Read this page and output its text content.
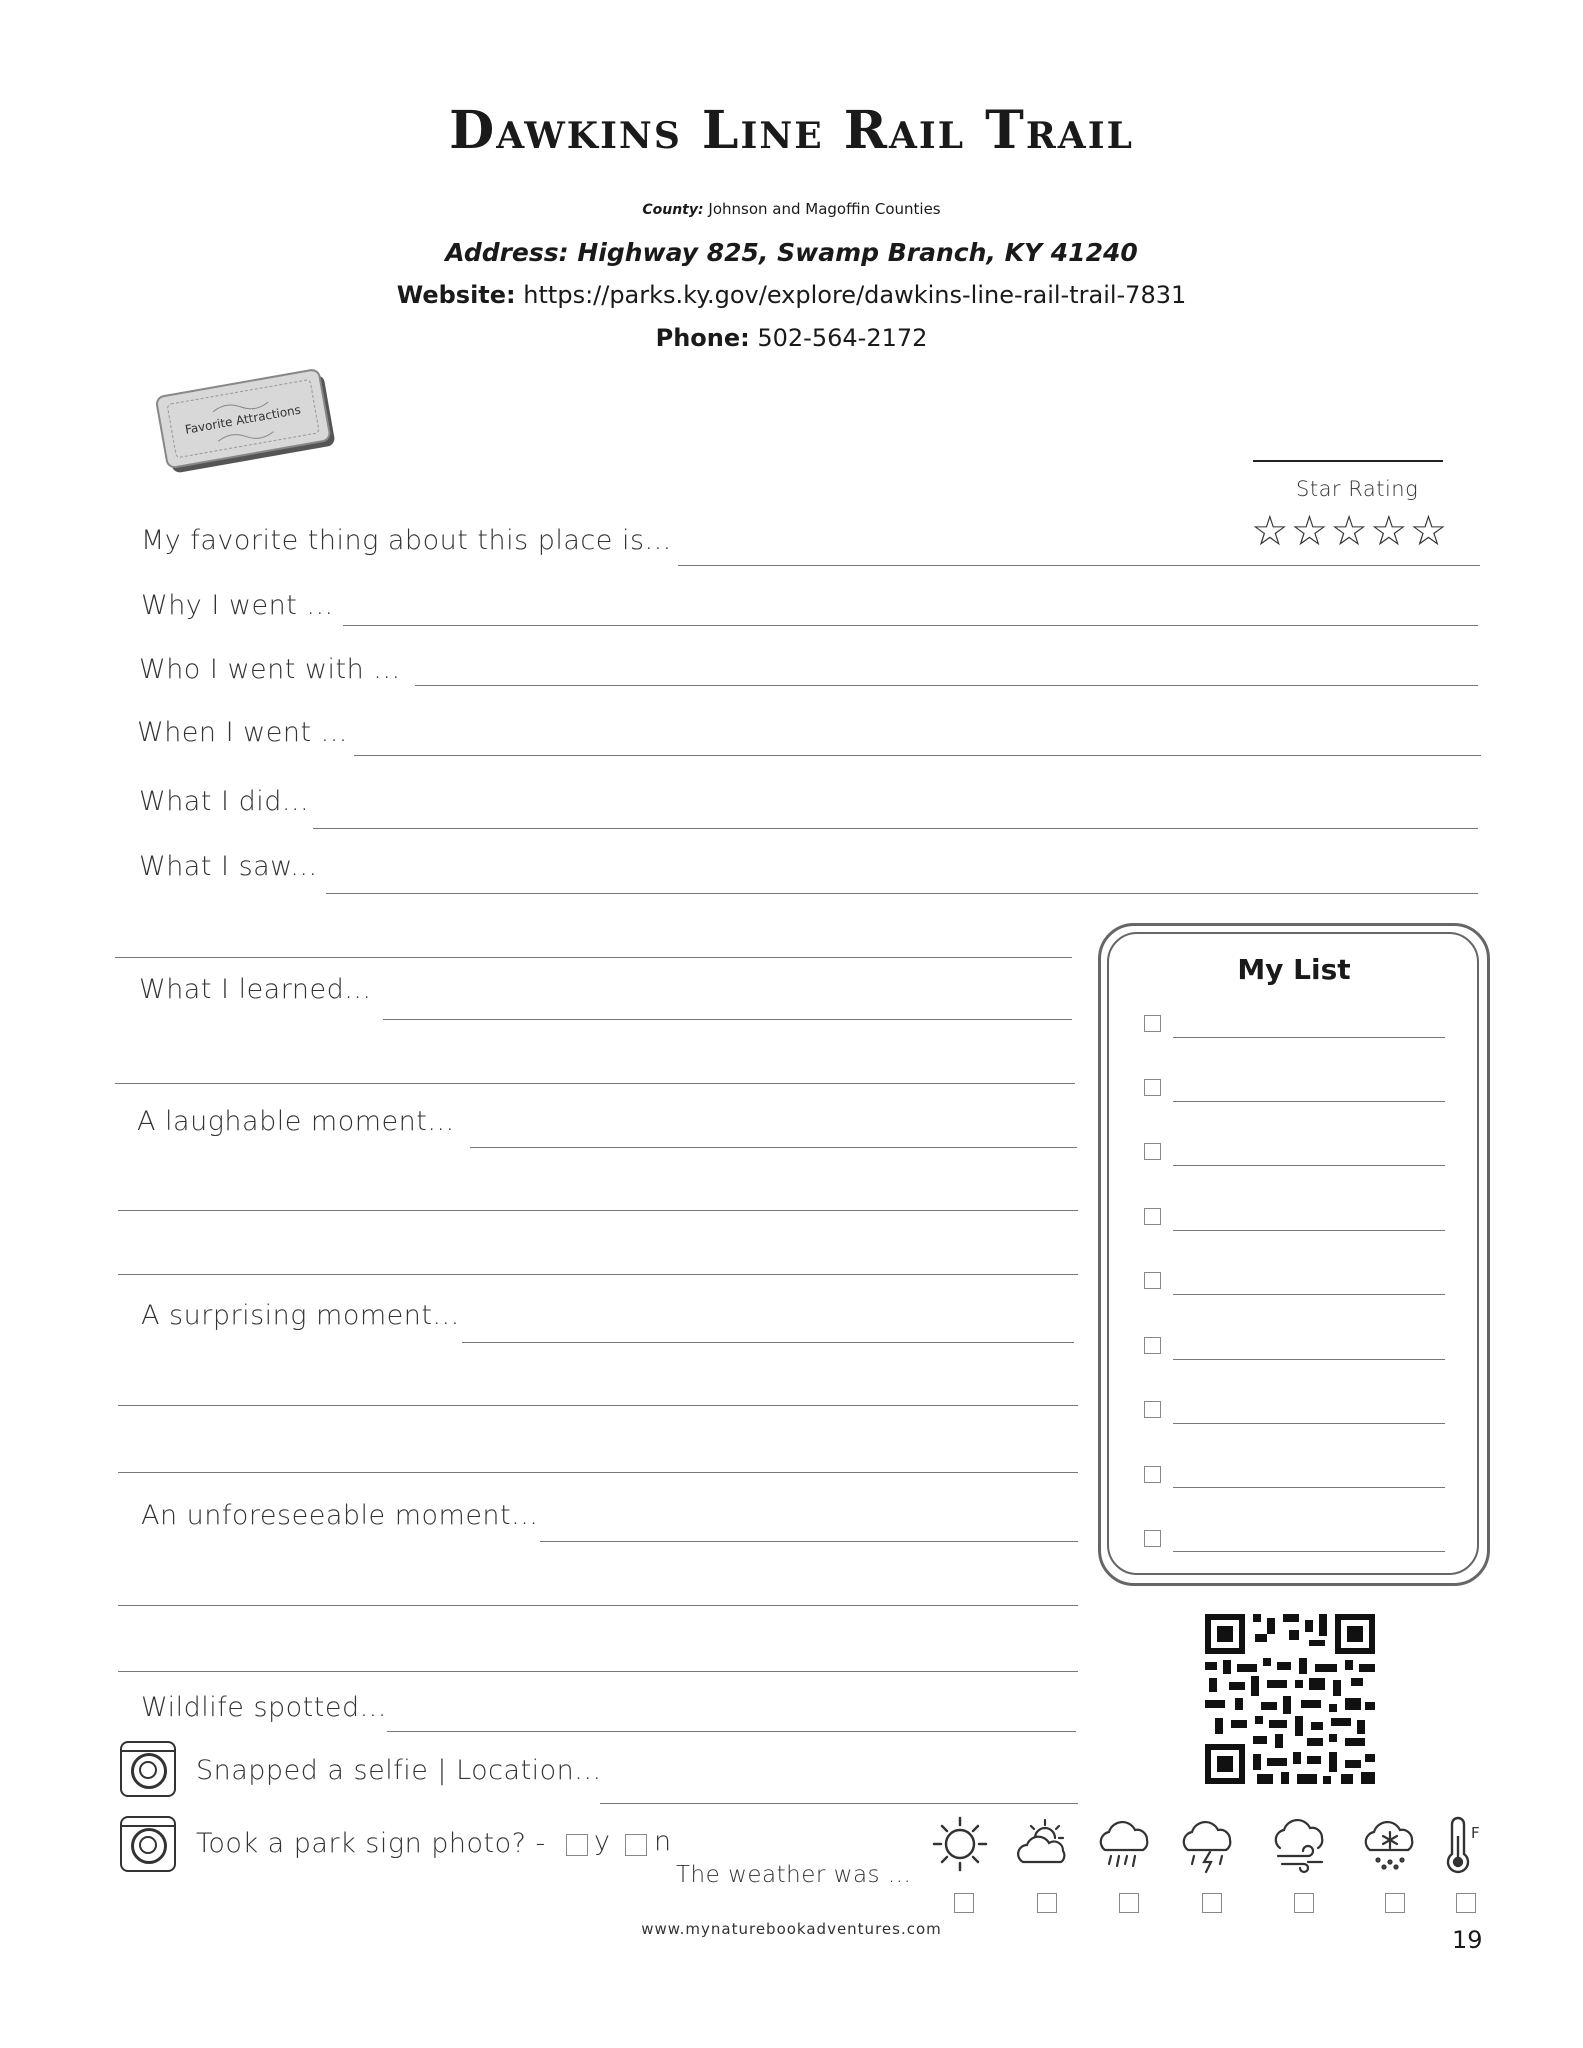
Dawkins Line Rail Trail
County: Johnson and Magoffin Counties
Address: Highway 825, Swamp Branch, KY 41240
Website: https://parks.ky.gov/explore/dawkins-line-rail-trail-7831
Phone: 502-564-2172
Favorite Attractions
Star Rating
☆☆☆☆☆
My favorite thing about this place is...
Why I went ...
Who I went with ...
When I went ...
What I did...
What I saw...
What I learned...
A laughable moment...
A surprising moment...
An unforeseeable moment...
Wildlife spotted...
Snapped a selfie | Location...
Took a park sign photo? - y n
My List
The weather was ...
F
www.mynaturebookadventures.com	19
